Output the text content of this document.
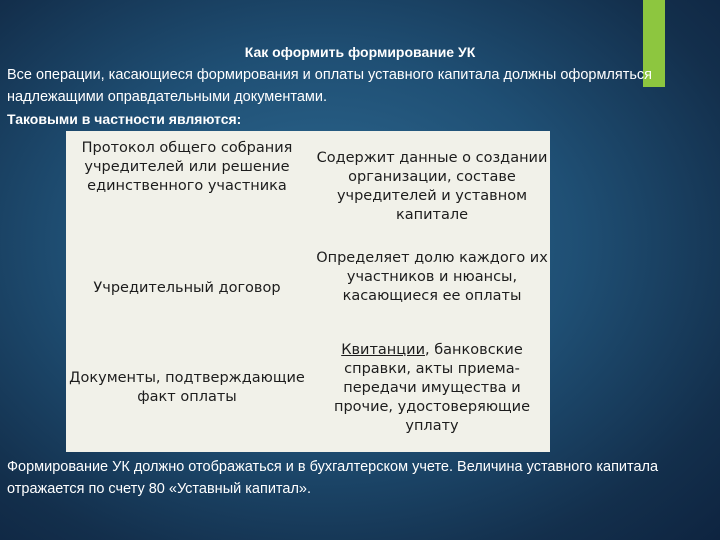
Как оформить формирование УК
Все операции, касающиеся формирования и оплаты уставного капитала должны оформляться надлежащими оправдательными документами.
Таковыми в частности являются:
Протокол общего собрания учредителей или решение единственного участника
Содержит данные о создании организации, составе учредителей и уставном капитале
Учредительный договор
Определяет долю каждого их участников и нюансы, касающиеся ее оплаты
Документы, подтверждающие факт оплаты
Квитанции, банковские справки, акты приема-передачи имущества и прочие, удостоверяющие уплату
Формирование УК должно отображаться и в бухгалтерском учете. Величина уставного капитала отражается по счету 80 «Уставный капитал».
